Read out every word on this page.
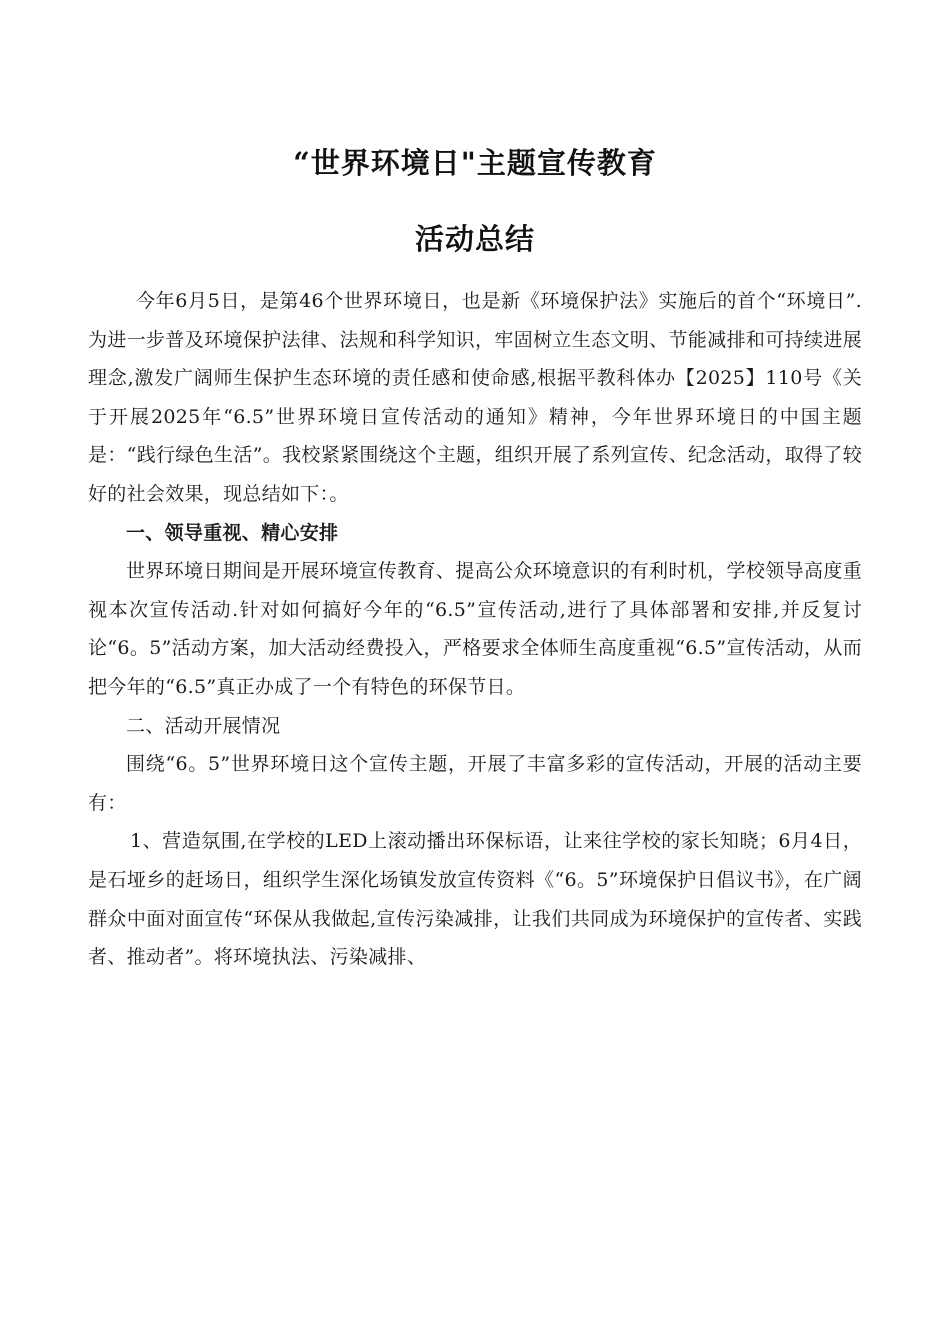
“世界环境日"主题宣传教育
活动总结

今年6月5日，是第46个世界环境日，也是新《环境保护法》实施后的首个“环境日”.为进一步普及环境保护法律、法规和科学知识，牢固树立生态文明、节能减排和可持续进展理念,激发广阔师生保护生态环境的责任感和使命感,根据平教科体办【2025】110号《关于开展2025年“6.5”世界环境日宣传活动的通知》精神，今年世界环境日的中国主题是：“践行绿色生活”。我校紧紧围绕这个主题，组织开展了系列宣传、纪念活动，取得了较好的社会效果，现总结如下：。

一、领导重视、精心安排

世界环境日期间是开展环境宣传教育、提高公众环境意识的有利时机，学校领导高度重视本次宣传活动.针对如何搞好今年的“6.5”宣传活动,进行了具体部署和安排,并反复讨论“6。5”活动方案，加大活动经费投入，严格要求全体师生高度重视“6.5”宣传活动，从而把今年的“6.5”真正办成了一个有特色的环保节日。

二、活动开展情况

围绕“6。5”世界环境日这个宣传主题，开展了丰富多彩的宣传活动，开展的活动主要有：

1、营造氛围,在学校的LED上滚动播出环保标语，让来往学校的家长知晓；6月4日，是石垭乡的赶场日，组织学生深化场镇发放宣传资料《“6。5”环境保护日倡议书》，在广阔群众中面对面宣传“环保从我做起,宣传污染减排，让我们共同成为环境保护的宣传者、实践者、推动者”。将环境执法、污染减排、
